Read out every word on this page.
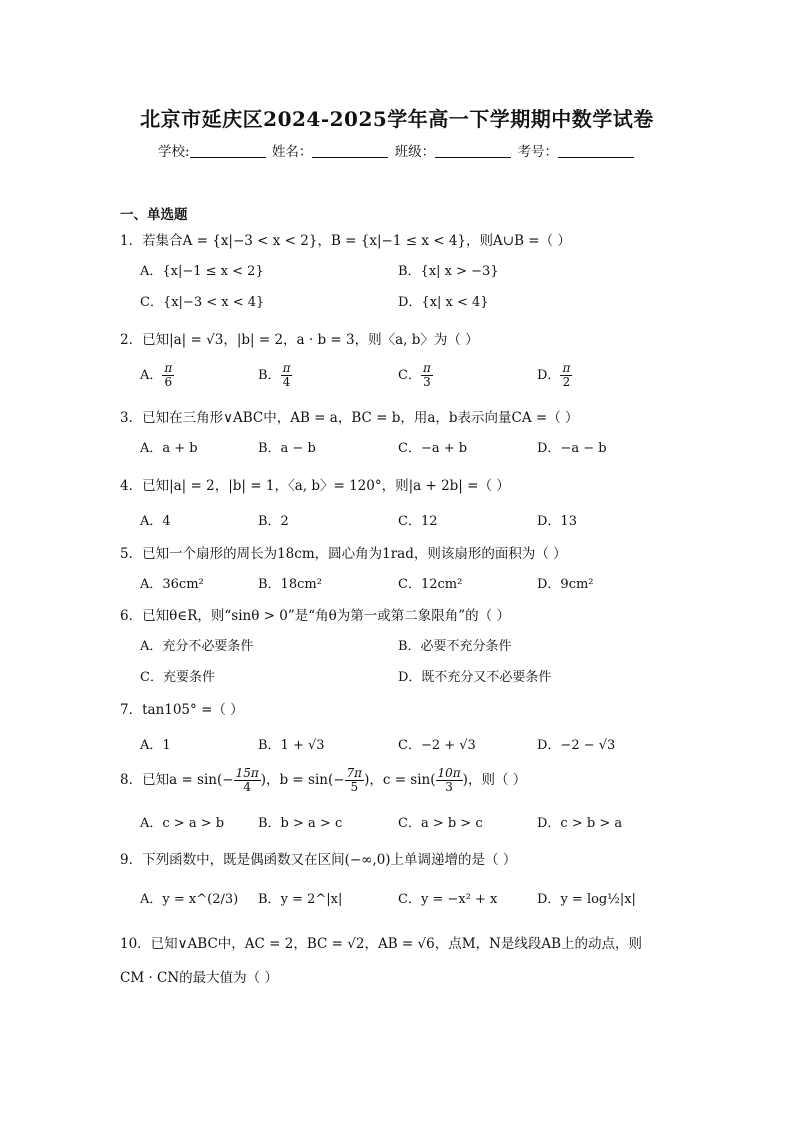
北京市延庆区2024-2025学年高一下学期期中数学试卷
学校:	姓名：	班级：	考号：
一、单选题
1．若集合A = {x|−3 < x < 2}，B = {x|−1 ≤ x < 4}，则A∪B =（ ）
A．{x|−1 ≤ x < 2}	B．{x| x > −3}
C．{x|−3 < x < 4}	D．{x| x < 4}
2．已知|a| = √3，|b| = 2，a · b = 3，则〈a, b〉为（ ）
A． $\frac{\pi}{6}$	B． $\frac{\pi}{4}$	C． $\frac{\pi}{3}$	D． $\frac{\pi}{2}$
3．已知在三角形∨ABC中，AB = a，BC = b，用a，b表示向量CA =（ ）
A．a + b	B．a − b	C．−a + b	D．−a − b
4．已知|a| = 2，|b| = 1，〈a, b〉= 120°，则|a + 2b| =（ ）
A．4	B．2	C．12	D．13
5．已知一个扇形的周长为18cm，圆心角为1rad，则该扇形的面积为（ ）
A．36cm²	B．18cm²	C．12cm²	D．9cm²
6．已知θ∈R，则“sinθ > 0”是“角θ为第一或第二象限角”的（ ）
A．充分不必要条件	B．必要不充分条件
C．充要条件	D．既不充分又不必要条件
7．tan105° =（ ）
A．1	B．1 + √3	C．−2 + √3	D．−2 − √3
8．已知$a = \sin(- \frac{15\pi}{4}$ )，$b = \sin(- \frac{7\pi}{5}$ )，$c = \sin( \frac{10\pi}{3}$ )，则（ ）
A．c > a > b	B．b > a > c	C．a > b > c	D．c > b > a
9．下列函数中，既是偶函数又在区间(−∞,0)上单调递增的是（ ）
A．y = x^(2/3) B．y = 2^|x|	C．y = −x² + x	D．y = log½|x|
10．已知∨ABC中，AC = 2，BC = √2，AB = √6，点M，N是线段AB上的动点，则
CM · CN的最大值为（ ）
